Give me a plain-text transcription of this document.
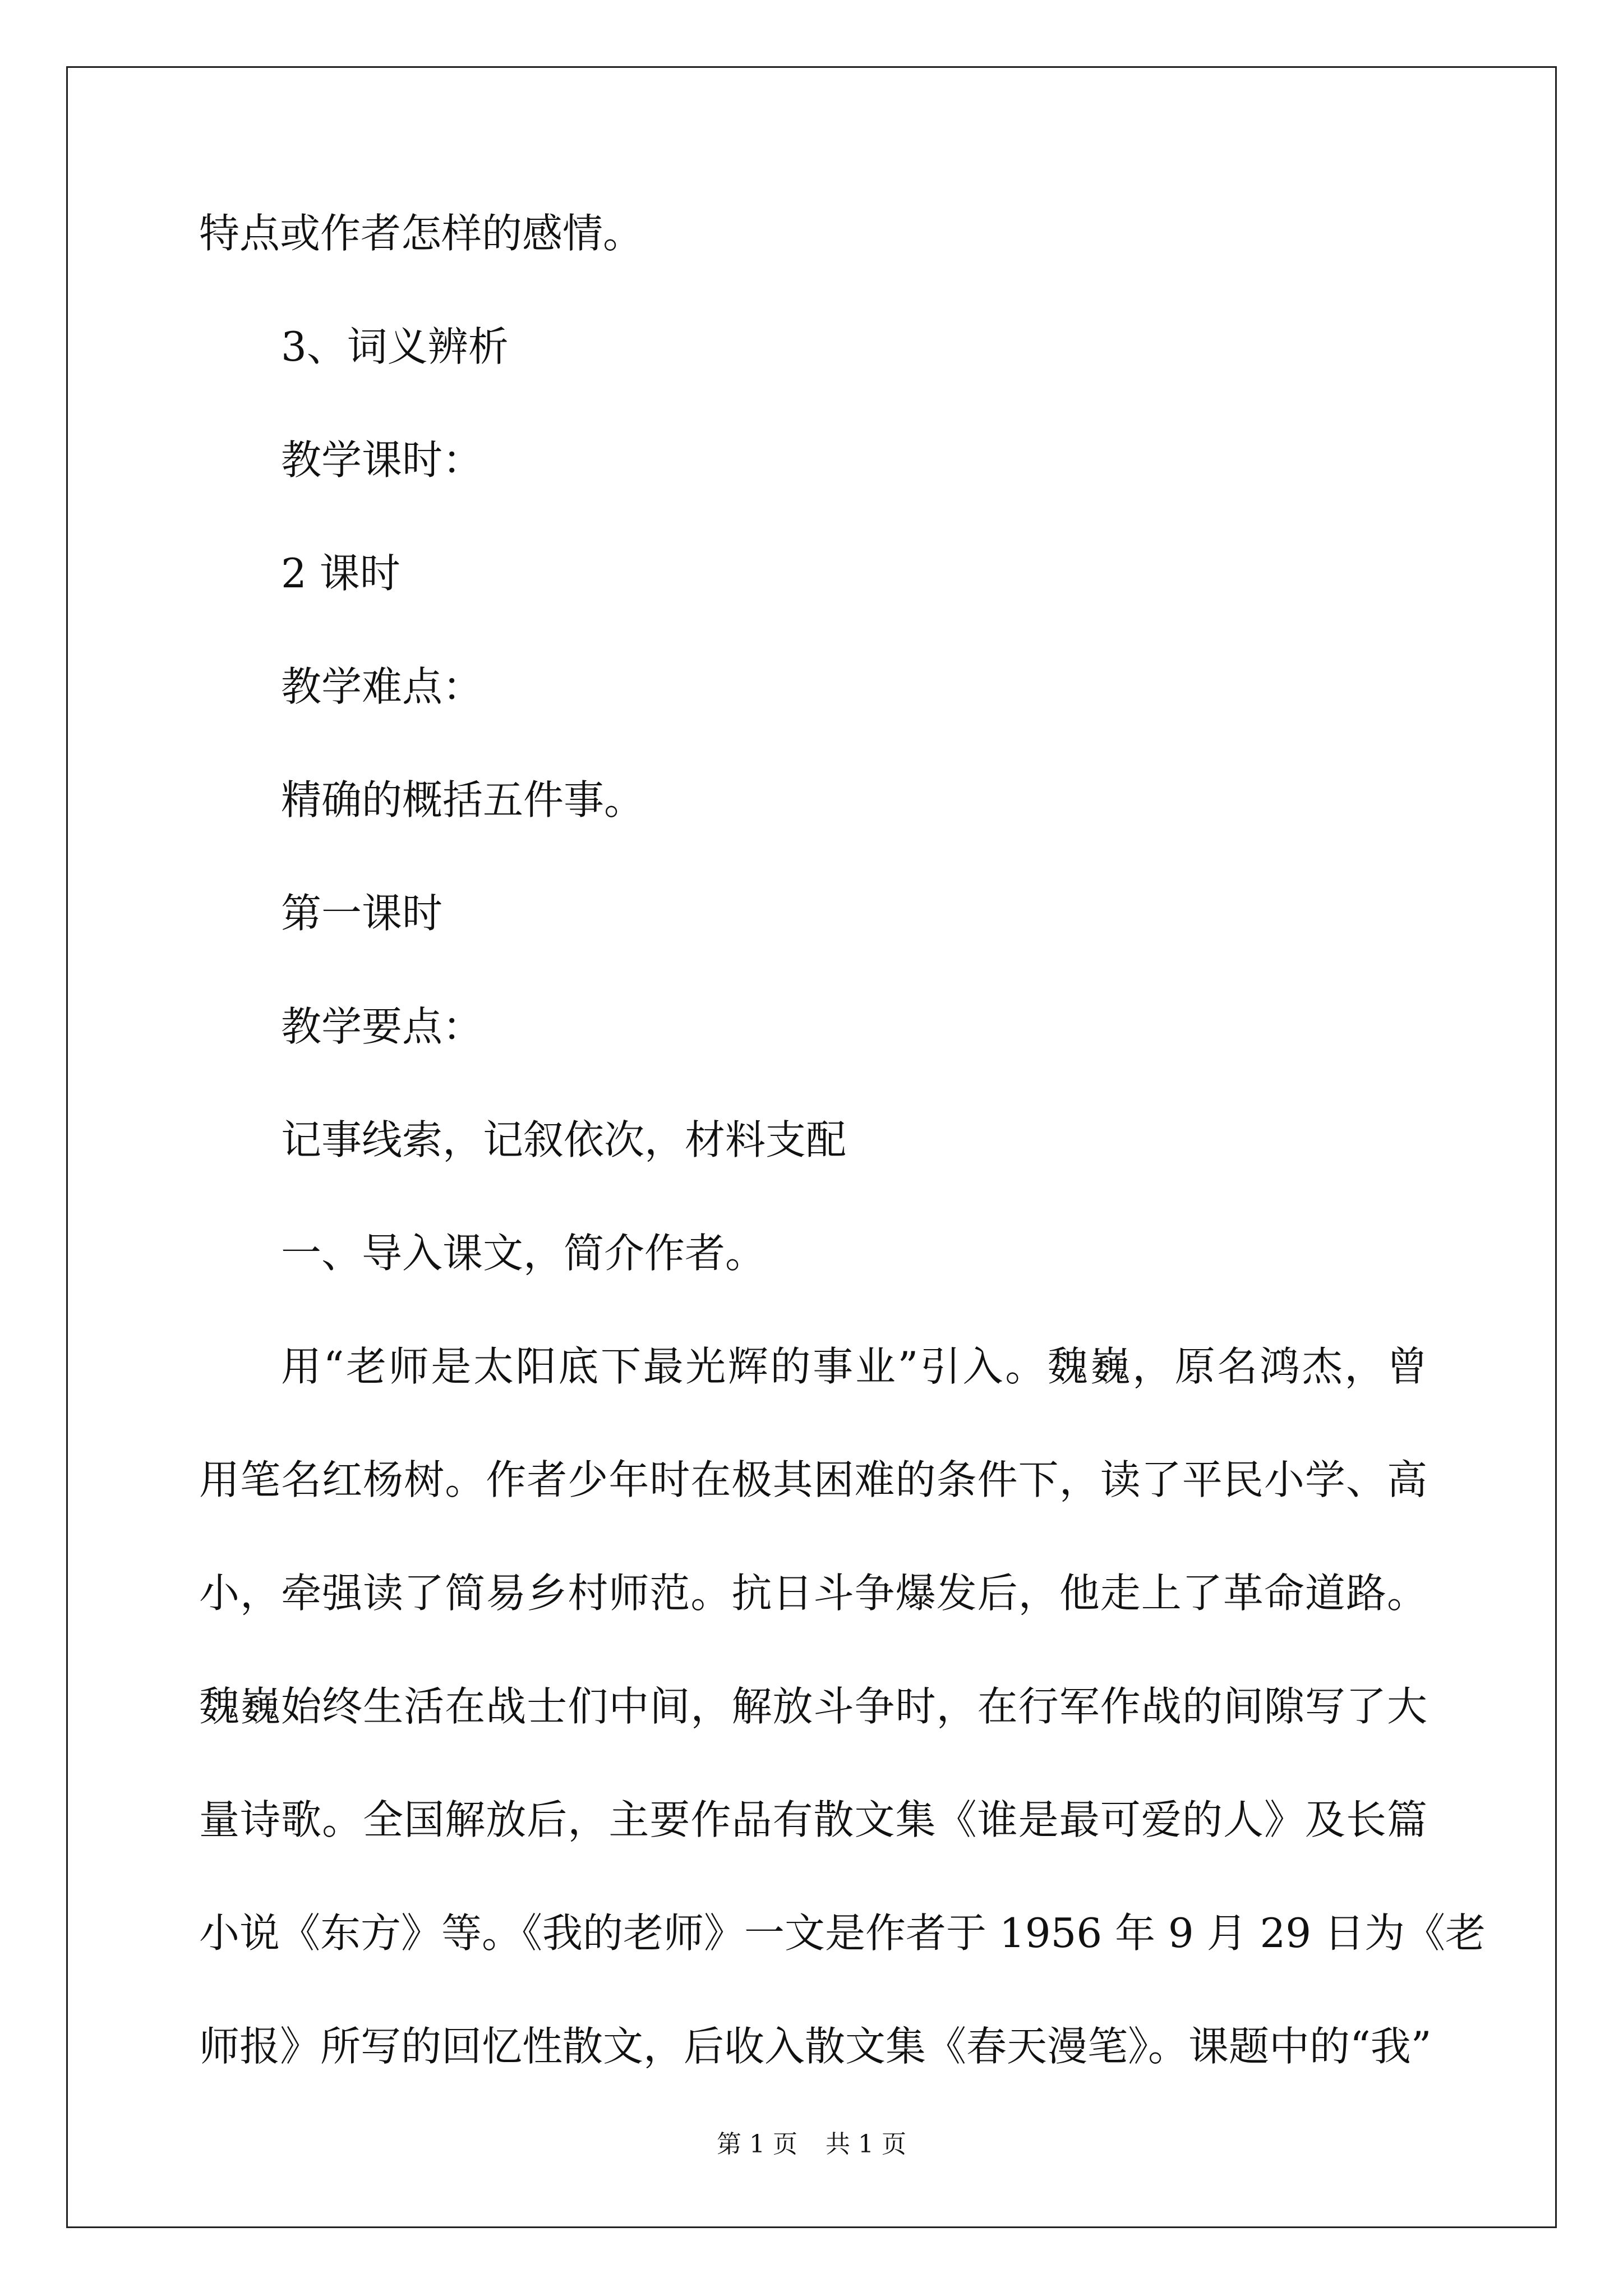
特点或作者怎样的感情。
3、词义辨析
教学课时：
2 课时
教学难点：
精确的概括五件事。
第一课时
教学要点：
记事线索，记叙依次，材料支配
一、导入课文，简介作者。
用“老师是太阳底下最光辉的事业”引入。魏巍，原名鸿杰，曾
用笔名红杨树。作者少年时在极其困难的条件下，读了平民小学、高
小，牵强读了简易乡村师范。抗日斗争爆发后，他走上了革命道路。
魏巍始终生活在战士们中间，解放斗争时，在行军作战的间隙写了大
量诗歌。全国解放后，主要作品有散文集《谁是最可爱的人》及长篇
小说《东方》等。《我的老师》一文是作者于 1956 年 9 月 29 日为《老
师报》所写的回忆性散文，后收入散文集《春天漫笔》。课题中的“我”
第 1 页 共 1 页
